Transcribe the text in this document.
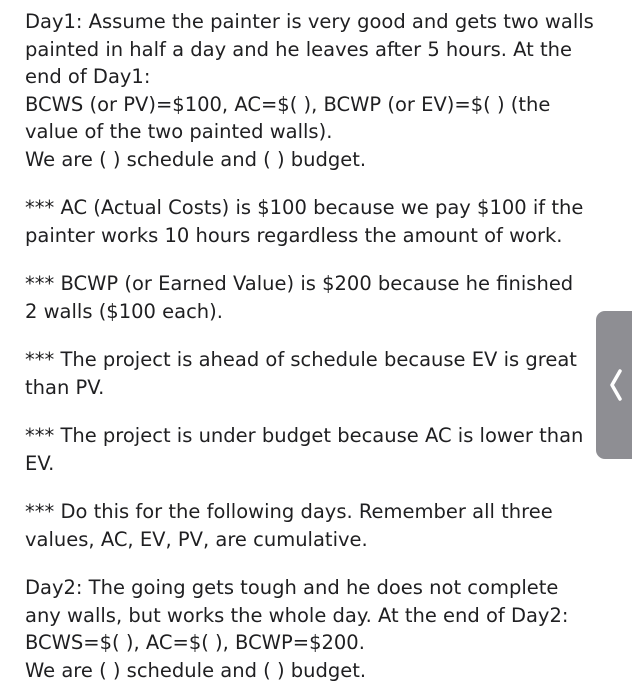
Day1: Assume the painter is very good and gets two walls
painted in half a day and he leaves after 5 hours. At the
end of Day1:
BCWS (or PV)=$100, AC=$( ), BCWP (or EV)=$( ) (the
value of the two painted walls).
We are ( ) schedule and ( ) budget.

*** AC (Actual Costs) is $100 because we pay $100 if the
painter works 10 hours regardless the amount of work.

*** BCWP (or Earned Value) is $200 because he finished
2 walls ($100 each).

*** The project is ahead of schedule because EV is great
than PV.

*** The project is under budget because AC is lower than
EV.

*** Do this for the following days. Remember all three
values, AC, EV, PV, are cumulative.

Day2: The going gets tough and he does not complete
any walls, but works the whole day. At the end of Day2:
BCWS=$( ), AC=$( ), BCWP=$200.
We are ( ) schedule and ( ) budget.
